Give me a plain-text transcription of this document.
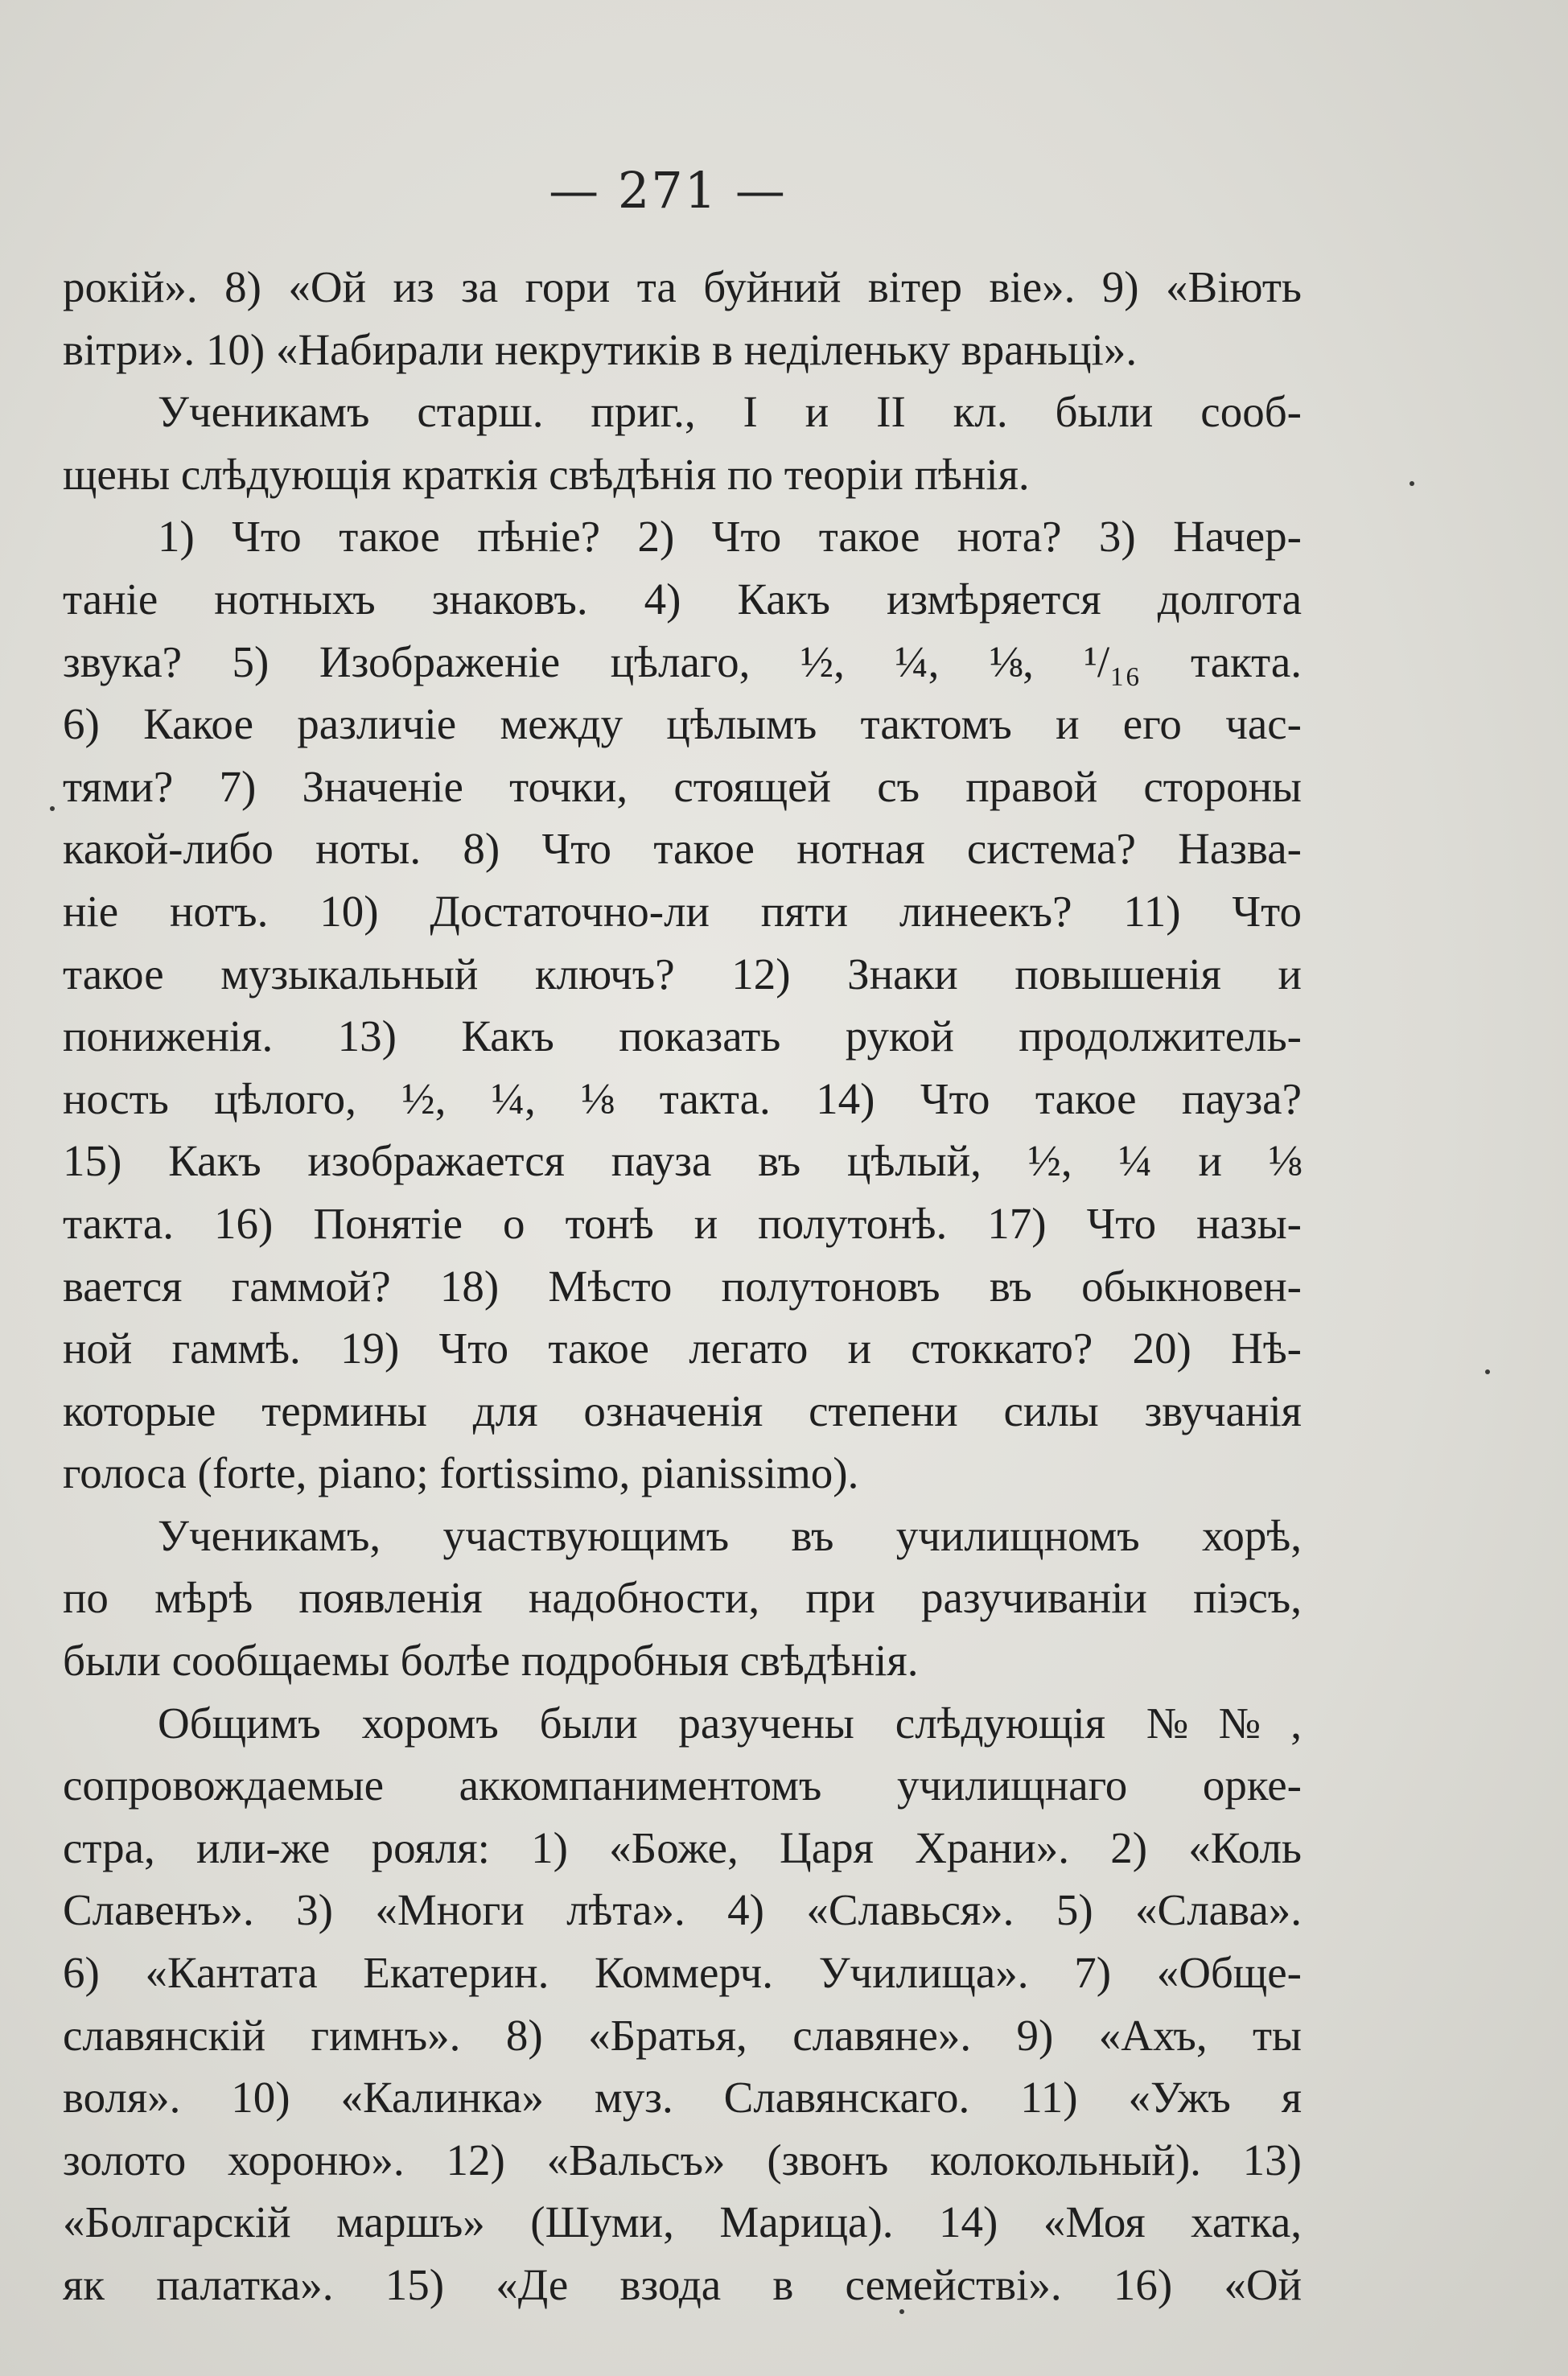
— 271 —
рокій». 8) «Ой из за гори та буйний вітер віе». 9) «Віють
вітри». 10) «Набирали некрутиків в неділеньку враньці».
Ученикамъ старш. приг., I и II кл. были сооб-
щены слѣдующія краткія свѣдѣнія по теоріи пѣнія.
1) Что такое пѣніе? 2) Что такое нота? 3) Начер-
таніе нотныхъ знаковъ. 4) Какъ измѣряется долгота
звука? 5) Изображеніе цѣлаго, ½, ¼, ⅛, ¹/₁₆ такта.
6) Какое различіе между цѣлымъ тактомъ и его час-
тями? 7) Значеніе точки, стоящей съ правой стороны
какой-либо ноты. 8) Что такое нотная система? Назва-
ніе нотъ. 10) Достаточно-ли пяти линеекъ? 11) Что
такое музыкальный ключъ? 12) Знаки повышенія и
пониженія. 13) Какъ показать рукой продолжитель-
ность цѣлого, ½, ¼, ⅛ такта. 14) Что такое пауза?
15) Какъ изображается пауза въ цѣлый, ½, ¼ и ⅛
такта. 16) Понятіе о тонѣ и полутонѣ. 17) Что назы-
вается гаммой? 18) Мѣсто полутоновъ въ обыкновен-
ной гаммѣ. 19) Что такое легато и стоккато? 20) Нѣ-
которые термины для означенія степени силы звучанія
голоса (forte, piano; fortissimo, pianissimo).
Ученикамъ, участвующимъ въ училищномъ хорѣ,
по мѣрѣ появленія надобности, при разучиваніи піэсъ,
были сообщаемы болѣе подробныя свѣдѣнія.
Общимъ хоромъ были разучены слѣдующія №№,
сопровождаемые аккомпаниментомъ училищнаго орке-
стра, или-же рояля: 1) «Боже, Царя Храни». 2) «Коль
Славенъ». 3) «Многи лѣта». 4) «Славься». 5) «Слава».
6) «Кантата Екатерин. Коммерч. Училища». 7) «Обще-
славянскій гимнъ». 8) «Братья, славяне». 9) «Ахъ, ты
воля». 10) «Калинка» муз. Славянскаго. 11) «Ужъ я
золото хороню». 12) «Вальсъ» (звонъ колокольный). 13)
«Болгарскій маршъ» (Шуми, Марица). 14) «Моя хатка,
як палатка». 15) «Де взода в семействі». 16) «Ой
